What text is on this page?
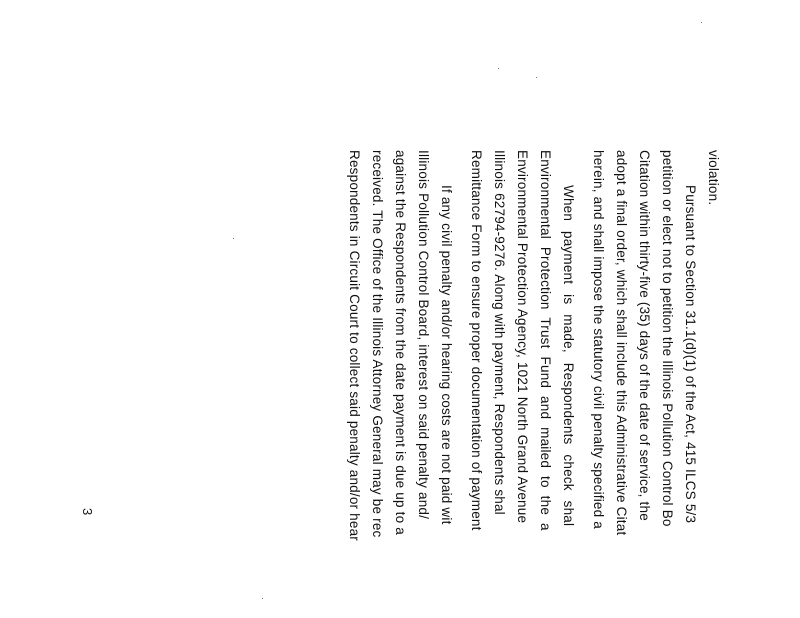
violation.

Pursuant to Section 31.1(d)(1) of the Act, 415 ILCS 5/3

petition or elect not to petition the Illinois Pollution Control Bo

Citation within thirty-five (35) days of the date of service, the

adopt a final order, which shall include this Administrative Citat

herein, and shall impose the statutory civil penalty specified a

When payment is made, Respondents check shal

Environmental Protection Trust Fund and mailed to the a

Environmental Protection Agency, 1021 North Grand Avenue

Illinois 62794-9276. Along with payment, Respondents shal

Remittance Form to ensure proper documentation of payment

If any civil penalty and/or hearing costs are not paid wit

Illinois Pollution Control Board, interest on said penalty and/

against the Respondents from the date payment is due up to a

received. The Office of the Illinois Attorney General may be rec

Respondents in Circuit Court to collect said penalty and/or hear

3
